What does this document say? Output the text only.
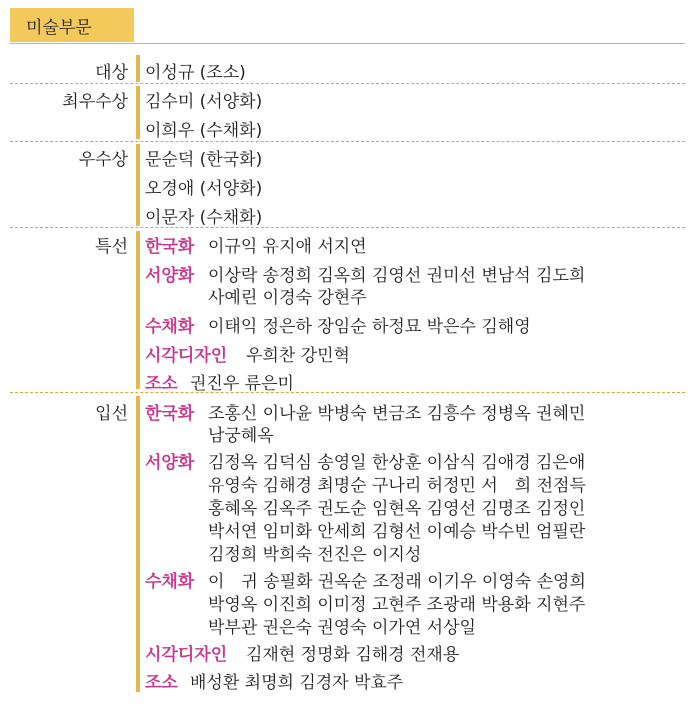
미술부문
대상 이성규 (조소)
최우수상 김수미 (서양화)
이희우 (수채화)
우수상 문순덕 (한국화)
오경애 (서양화)
이문자 (수채화)
특선 한국화 이규익 유지애 서지연
서양화 이상락 송정희 김옥희 김영선 권미선 변남석 김도희
사예린 이경숙 강현주
수채화 이태익 정은하 장임순 하정묘 박은수 김해영
시각디자인 우희찬 강민혁
조소 권진우 류은미
입선 한국화 조홍신 이나윤 박병숙 변금조 김흥수 정병옥 권혜민
남궁혜옥
서양화 김정옥 김덕심 송영일 한상훈 이삼식 김애경 김은애
유영숙 김해경 최명순 구나리 허정민 서　희 전점득
홍혜옥 김옥주 권도순 임현옥 김영선 김명조 김정인
박서연 임미화 안세희 김형선 이예승 박수빈 엄필란
김정희 박희숙 전진은 이지성
수채화 이　귀 송필화 권옥순 조정래 이기우 이영숙 손영희
박영옥 이진희 이미정 고현주 조광래 박용화 지현주
박부관 권은숙 권영숙 이가연 서상일
시각디자인 김재현 정명화 김해경 전재용
조소 배성환 최명희 김경자 박효주
